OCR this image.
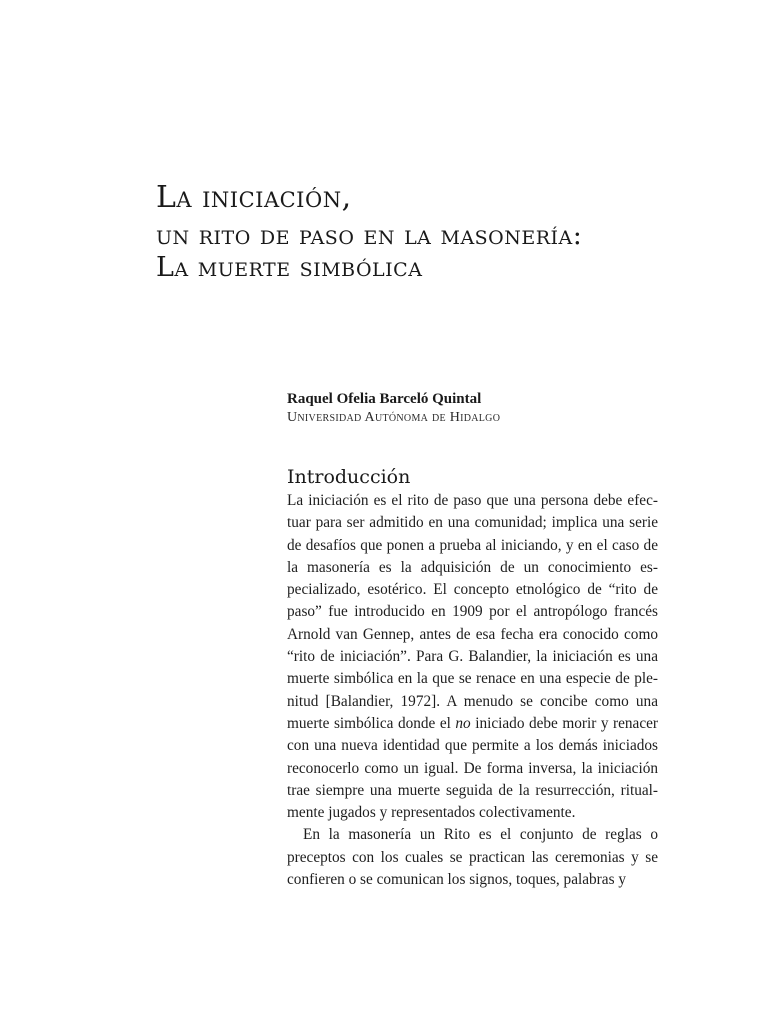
La iniciación,
un rito de paso en la masonería:
La muerte simbólica
Raquel Ofelia Barceló Quintal
Universidad Autónoma de Hidalgo
Introducción

La iniciación es el rito de paso que una persona debe efectuar para ser admitido en una comunidad; implica una serie de desafíos que ponen a prueba al iniciando, y en el caso de la masonería es la adquisición de un conocimiento especializado, esotérico. El concepto etnológico de “rito de paso” fue introducido en 1909 por el antropólogo francés Arnold van Gennep, antes de esa fecha era conocido como “rito de iniciación”. Para G. Balandier, la iniciación es una muerte simbólica en la que se renace en una especie de plenitud [Balandier, 1972]. A menudo se concibe como una muerte simbólica donde el no iniciado debe morir y renacer con una nueva identidad que permite a los demás iniciados reconocerlo como un igual. De forma inversa, la iniciación trae siempre una muerte seguida de la resurrección, ritualmente jugados y representados colectivamente.

En la masonería un Rito es el conjunto de reglas o preceptos con los cuales se practican las ceremonias y se confieren o se comunican los signos, toques, palabras y
